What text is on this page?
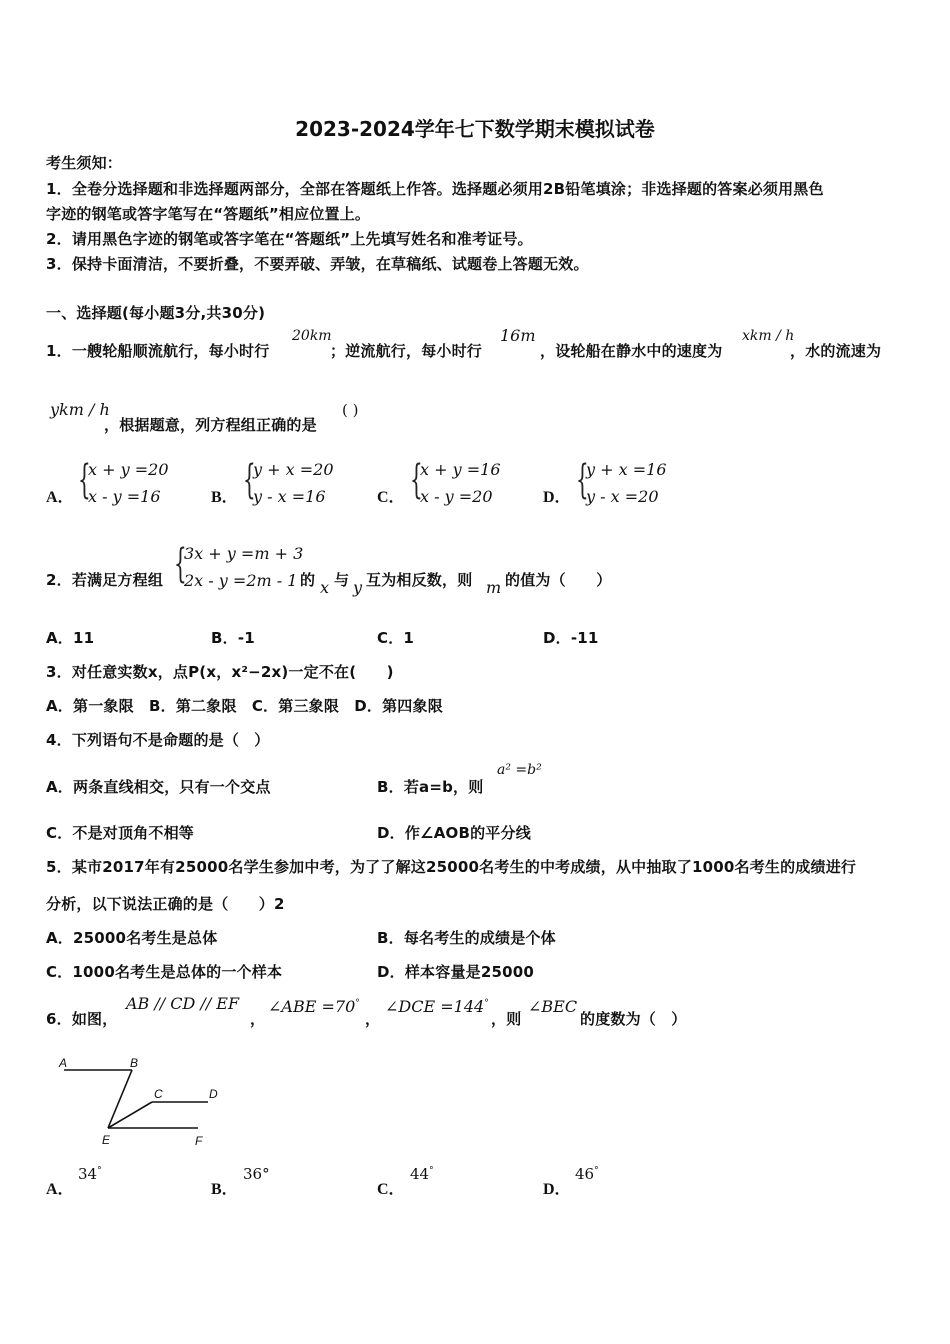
2023-2024学年七下数学期末模拟试卷
考生须知：
1．全卷分选择题和非选择题两部分，全部在答题纸上作答。选择题必须用2B铅笔填涂；非选择题的答案必须用黑色
字迹的钢笔或答字笔写在“答题纸”相应位置上。
2．请用黑色字迹的钢笔或答字笔在“答题纸”上先填写姓名和准考证号。
3．保持卡面清洁，不要折叠，不要弄破、弄皱，在草稿纸、试题卷上答题无效。
一、选择题(每小题3分,共30分)
1．一艘轮船顺流航行，每小时行
20km
；逆流航行，每小时行
16m
，设轮船在静水中的速度为
xkm / h
，水的流速为
ykm / h
，根据题意，列方程组正确的是
( )
A． {
x + y =20
x - y =16	B． {
y + x =20
y - x =16	C． {
x + y =16
x - y =20	D． {
y + x =16
y - x =20
2．若满足方程组 {
3x + y =m + 3
2x - y =2m - 1 的 x 与 y 互为相反数，则 m 的值为（　　）
A．11	B．-1	C．1	D．-11
3．对任意实数x，点P(x，x²−2x)一定不在(　　)
A．第一象限　B．第二象限　C．第三象限　D．第四象限
4．下列语句不是命题的是（　）
A．两条直线相交，只有一个交点	B．若a=b，则
a² =b²
C．不是对顶角不相等	D．作∠AOB的平分线
5．某市2017年有25000名学生参加中考，为了了解这25000名考生的中考成绩，从中抽取了1000名考生的成绩进行
分析，以下说法正确的是（　　）2
A．25000名考生是总体	B．每名考生的成绩是个体
C．1000名考生是总体的一个样本	D．样本容量是25000
6．如图，
AB // CD // EF
，
∠ABE =70°
，
∠DCE =144°
，则
∠BEC
的度数为（　）
A	B
C	D
E	F
A．
34°
B．
36°
C．
44°
D．
46°
